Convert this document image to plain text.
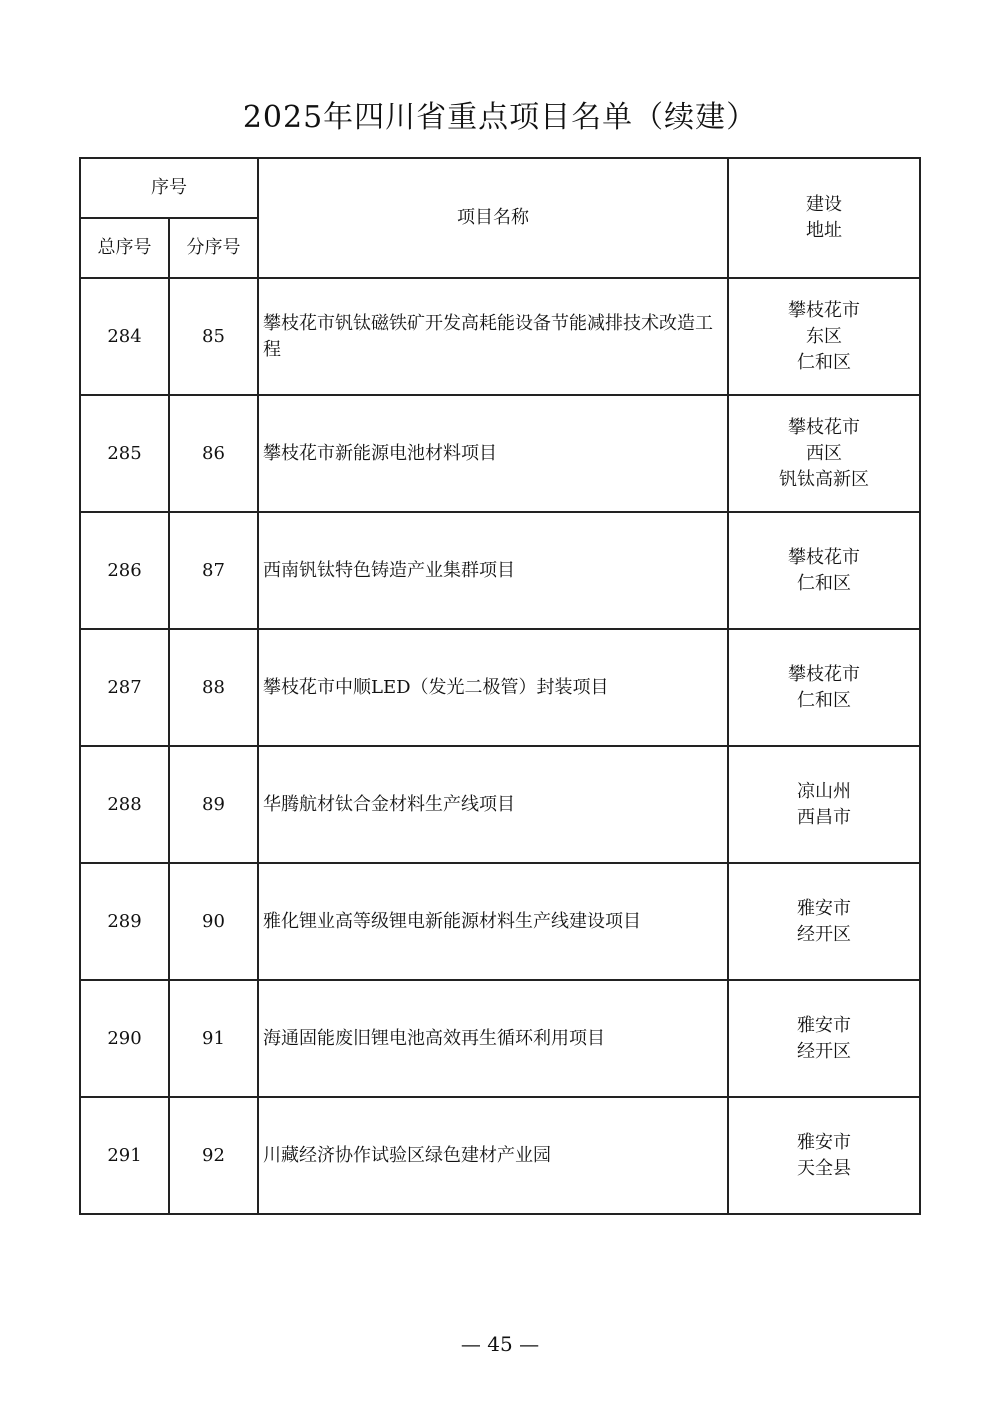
2025年四川省重点项目名单（续建）
序号		项目名称	建设
地址

总序号	分序号		
284	85	攀枝花市钒钛磁铁矿开发高耗能设备节能减排技术改造工程	攀枝花市
东区
仁和区

285	86	攀枝花市新能源电池材料项目	攀枝花市
西区
钒钛高新区

286	87	西南钒钛特色铸造产业集群项目	攀枝花市
仁和区

287	88	攀枝花市中顺LED（发光二极管）封装项目	攀枝花市
仁和区

288	89	华腾航材钛合金材料生产线项目	凉山州
西昌市

289	90	雅化锂业高等级锂电新能源材料生产线建设项目	雅安市
经开区

290	91	海通固能废旧锂电池高效再生循环利用项目	雅安市
经开区

291	92	川藏经济协作试验区绿色建材产业园	雅安市
天全县
— 45 —
